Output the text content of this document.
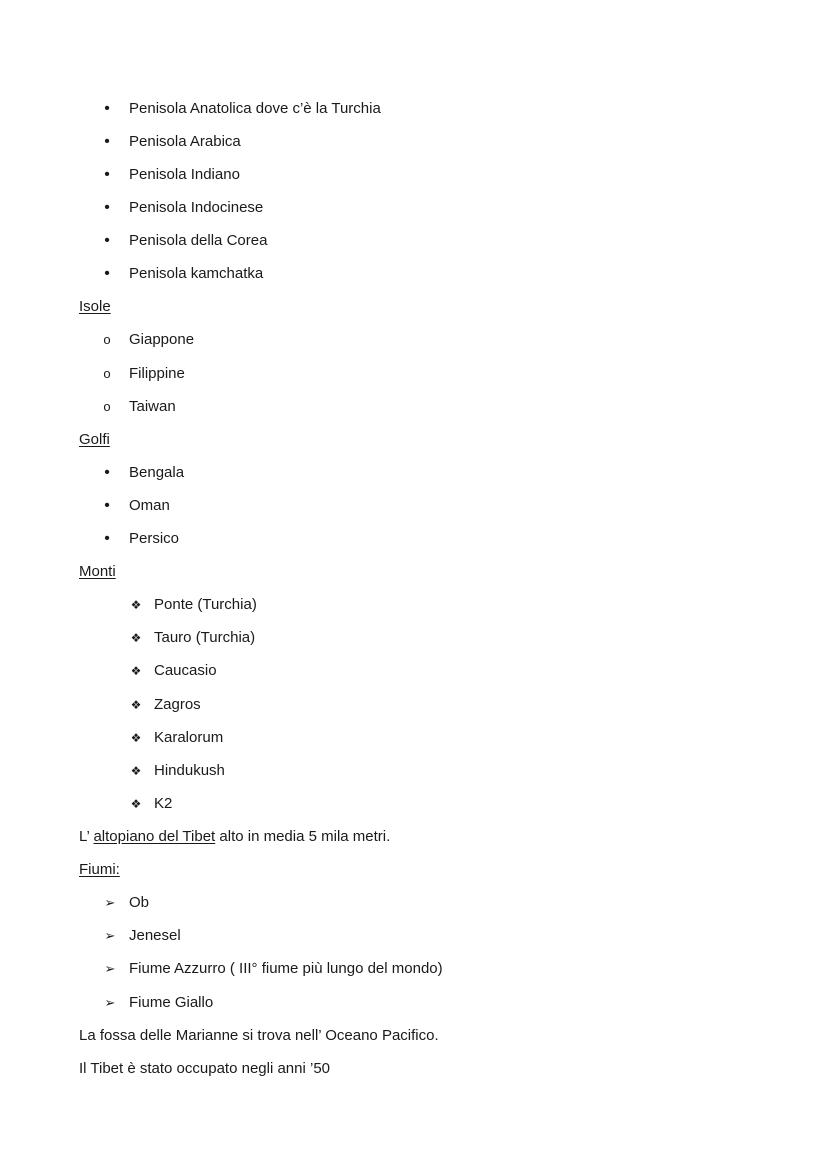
•
Penisola Anatolica dove c’è la Turchia
•
Penisola Arabica
•
Penisola Indiano
•
Penisola Indocinese
•
Penisola della Corea
•
Penisola kamchatka
Isole
o
Giappone
o
Filippine
o
Taiwan
Golfi
•
Bengala
•
Oman
•
Persico
Monti
❖
Ponte (Turchia)
❖
Tauro (Turchia)
❖
Caucasio
❖
Zagros
❖
Karalorum
❖
Hindukush
❖
K2
L’ altopiano del Tibet alto in media 5 mila metri.
Fiumi:
➢
Ob
➢
Jenesel
➢
Fiume Azzurro ( III° fiume più lungo del mondo)
➢
Fiume Giallo
La fossa delle Marianne si trova nell’ Oceano Pacifico.
Il Tibet è stato occupato negli anni ’50
